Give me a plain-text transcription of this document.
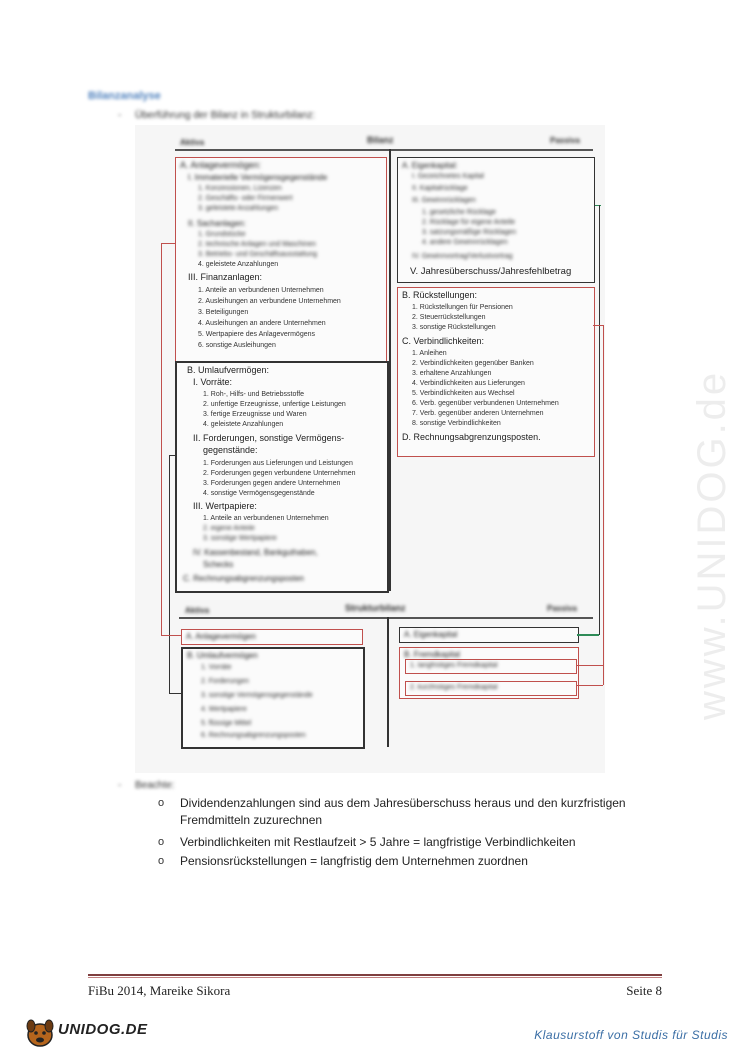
www.UNIDOG.de
Bilanzanalyse
- Überführung der Bilanz in Strukturbilanz:
Aktiva	Bilanz	Passiva
A. Anlagevermögen:
I. Immaterielle Vermögensgegenstände
1. Konzessionen, Lizenzen
2. Geschäfts- oder Firmenwert
3. geleistete Anzahlungen
II. Sachanlagen:
1. Grundstücke
2. technische Anlagen und Maschinen
3. Betriebs- und Geschäftsausstattung
4. geleistete Anzahlungen
III. Finanzanlagen:
1. Anteile an verbundenen Unternehmen
2. Ausleihungen an verbundene Unternehmen
3. Beteiligungen
4. Ausleihungen an andere Unternehmen
5. Wertpapiere des Anlagevermögens
6. sonstige Ausleihungen
B. Umlaufvermögen:
I. Vorräte:
1. Roh-, Hilfs- und Betriebsstoffe
2. unfertige Erzeugnisse, unfertige Leistungen
3. fertige Erzeugnisse und Waren
4. geleistete Anzahlungen
II. Forderungen, sonstige Vermögens-
gegenstände:
1. Forderungen aus Lieferungen und Leistungen
2. Forderungen gegen verbundene Unternehmen
3. Forderungen gegen andere Unternehmen
4. sonstige Vermögensgegenstände
III. Wertpapiere:
1. Anteile an verbundenen Unternehmen
2. eigene Anteile
3. sonstige Wertpapiere
IV. Kassenbestand, Bankguthaben,
Schecks
C. Rechnungsabgrenzungsposten
A. Eigenkapital:
I. Gezeichnetes Kapital
II. Kapitalrücklage
III. Gewinnrücklagen
1. gesetzliche Rücklage
2. Rücklage für eigene Anteile
3. satzungsmäßige Rücklagen
4. andere Gewinnrücklagen
IV. Gewinnvortrag/Verlustvortrag
V. Jahresüberschuss/Jahresfehlbetrag
B. Rückstellungen:
1. Rückstellungen für Pensionen
2. Steuerrückstellungen
3. sonstige Rückstellungen
C. Verbindlichkeiten:
1. Anleihen
2. Verbindlichkeiten gegenüber Banken
3. erhaltene Anzahlungen
4. Verbindlichkeiten aus Lieferungen
5. Verbindlichkeiten aus Wechsel
6. Verb. gegenüber verbundenen Unternehmen
7. Verb. gegenüber anderen Unternehmen
8. sonstige Verbindlichkeiten
D. Rechnungsabgrenzungsposten.
Aktiva	Strukturbilanz	Passiva
A. Anlagevermögen
B. Umlaufvermögen
1. Vorräte
2. Forderungen
3. sonstige Vermögensgegenstände
4. Wertpapiere
5. flüssige Mittel
6. Rechnungsabgrenzungsposten
A. Eigenkapital
B. Fremdkapital
1. langfristiges Fremdkapital
2. kurzfristiges Fremdkapital
- Beachte:
o Dividendenzahlungen sind aus dem Jahresüberschuss heraus und den kurzfristigen Fremdmitteln zuzurechnen
o Verbindlichkeiten mit Restlaufzeit > 5 Jahre = langfristige Verbindlichkeiten
o Pensionsrückstellungen = langfristig dem Unternehmen zuordnen
FiBu 2014, Mareike Sikora	Seite 8
UNIDOG.DE	Klausurstoff von Studis für Studis
